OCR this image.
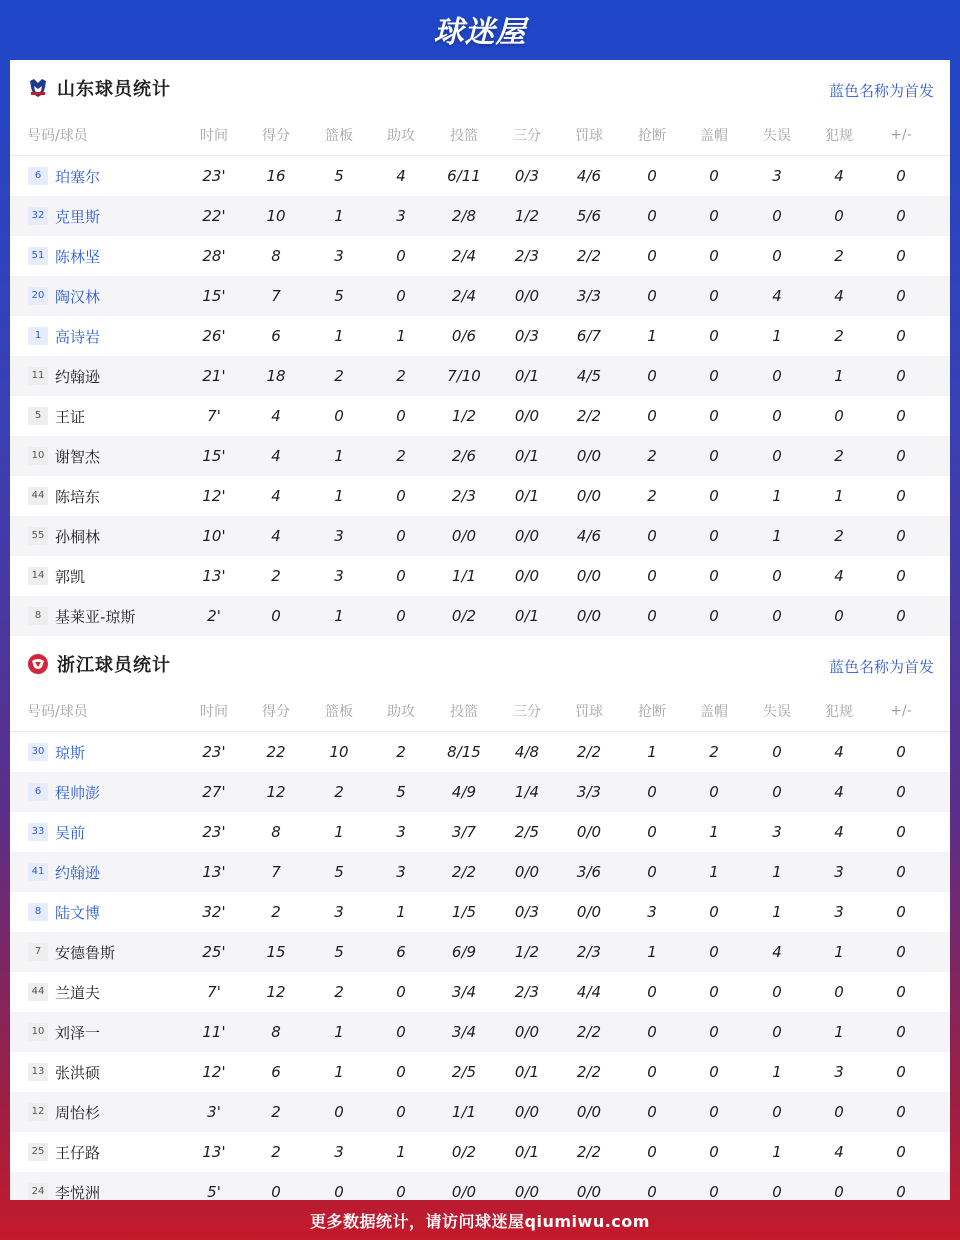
球迷屋
山东球员统计	蓝色名称为首发
号码/球员	时间	得分	篮板	助攻	投篮	三分	罚球	抢断	盖帽	失误	犯规	+/-
6 珀塞尔	23'	16	5	4	6/11	0/3	4/6	0	0	3	4	0
32 克里斯	22'	10	1	3	2/8	1/2	5/6	0	0	0	0	0
51 陈林坚	28'	8	3	0	2/4	2/3	2/2	0	0	0	2	0
20 陶汉林	15'	7	5	0	2/4	0/0	3/3	0	0	4	4	0
1 高诗岩	26'	6	1	1	0/6	0/3	6/7	1	0	1	2	0
11 约翰逊	21'	18	2	2	7/10	0/1	4/5	0	0	0	1	0
5 王证	7'	4	0	0	1/2	0/0	2/2	0	0	0	0	0
10 谢智杰	15'	4	1	2	2/6	0/1	0/0	2	0	0	2	0
44 陈培东	12'	4	1	0	2/3	0/1	0/0	2	0	1	1	0
55 孙桐林	10'	4	3	0	0/0	0/0	4/6	0	0	1	2	0
14 郭凯	13'	2	3	0	1/1	0/0	0/0	0	0	0	4	0
8 基莱亚-琼斯	2'	0	1	0	0/2	0/1	0/0	0	0	0	0	0
浙江球员统计	蓝色名称为首发
号码/球员	时间	得分	篮板	助攻	投篮	三分	罚球	抢断	盖帽	失误	犯规	+/-
30 琼斯	23'	22	10	2	8/15	4/8	2/2	1	2	0	4	0
6 程帅澎	27'	12	2	5	4/9	1/4	3/3	0	0	0	4	0
33 吴前	23'	8	1	3	3/7	2/5	0/0	0	1	3	4	0
41 约翰逊	13'	7	5	3	2/2	0/0	3/6	0	1	1	3	0
8 陆文博	32'	2	3	1	1/5	0/3	0/0	3	0	1	3	0
7 安德鲁斯	25'	15	5	6	6/9	1/2	2/3	1	0	4	1	0
44 兰道夫	7'	12	2	0	3/4	2/3	4/4	0	0	0	0	0
10 刘泽一	11'	8	1	0	3/4	0/0	2/2	0	0	0	1	0
13 张洪硕	12'	6	1	0	2/5	0/1	2/2	0	0	1	3	0
12 周怡杉	3'	2	0	0	1/1	0/0	0/0	0	0	0	0	0
25 王仔路	13'	2	3	1	0/2	0/1	2/2	0	0	1	4	0
24 李悦洲	5'	0	0	0	0/0	0/0	0/0	0	0	0	0	0
更多数据统计，请访问球迷屋qiumiwu.com
